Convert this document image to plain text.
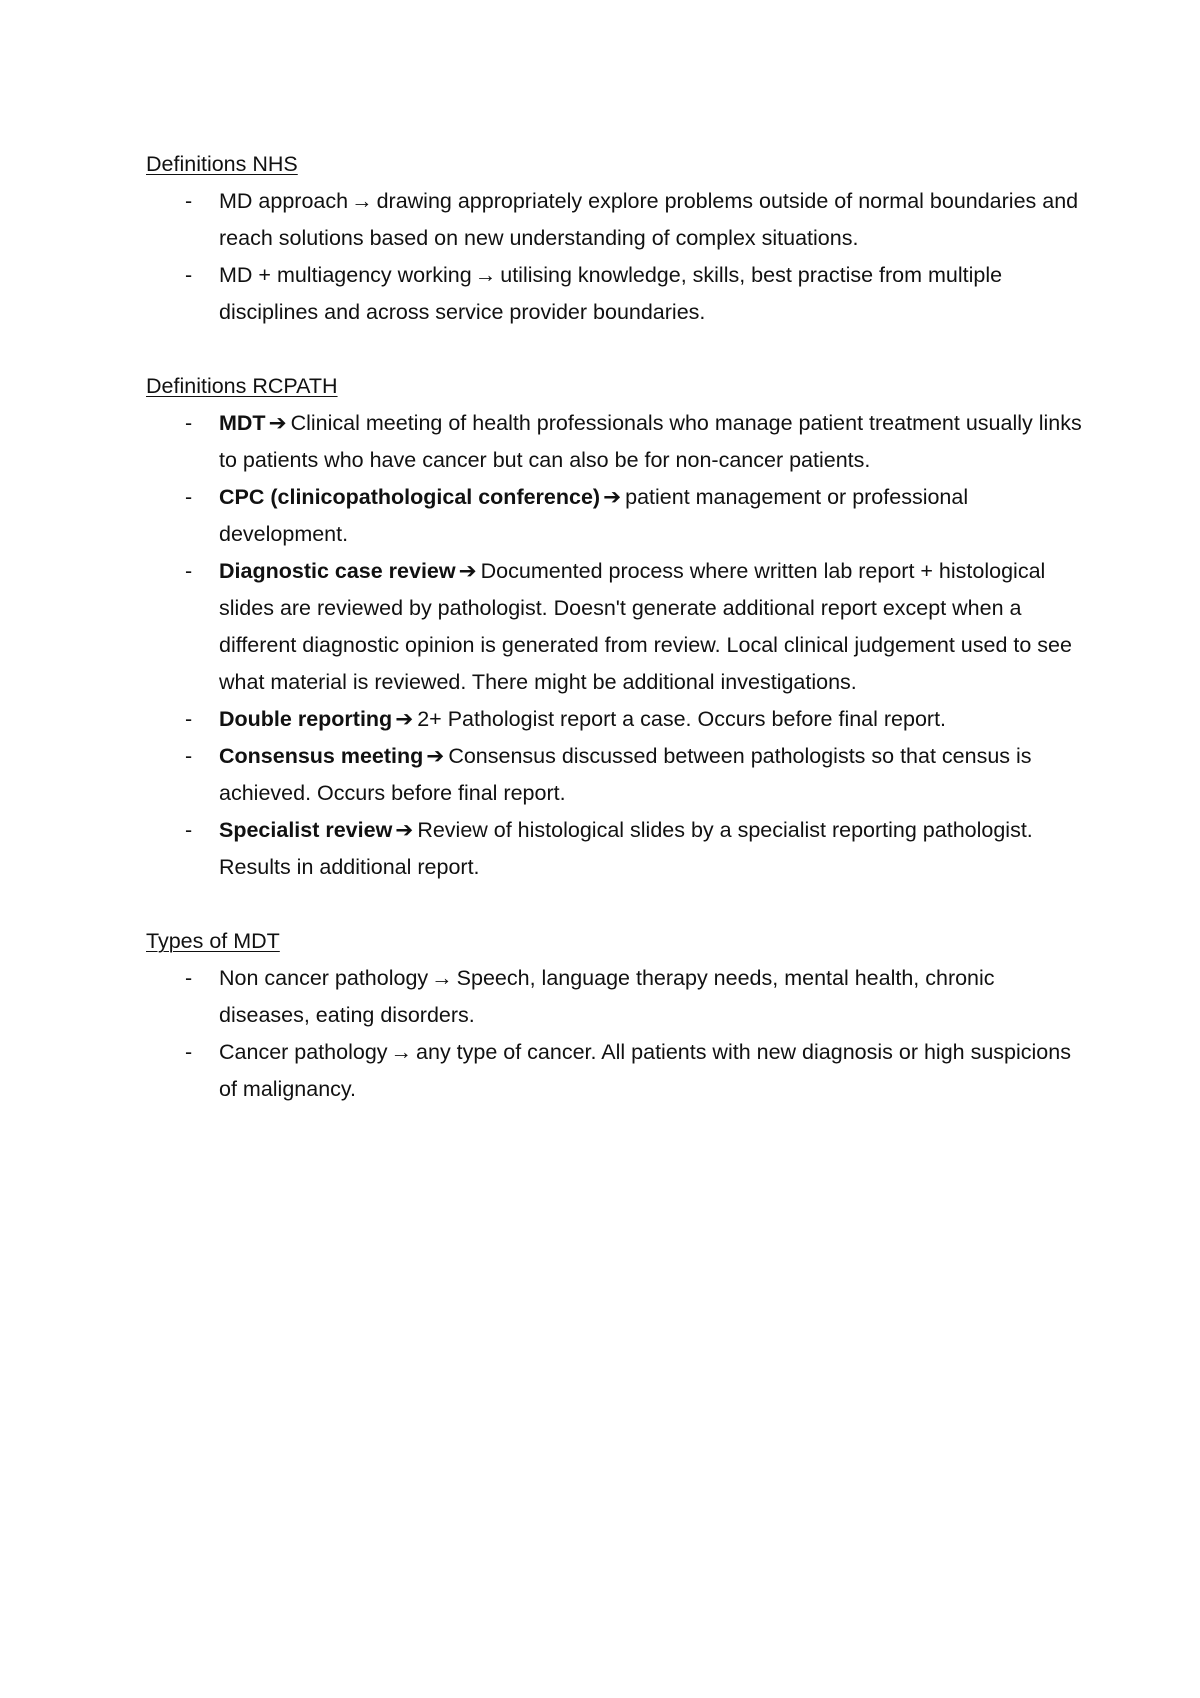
Definitions NHS

- MD approach → drawing appropriately explore problems outside of normal boundaries and reach solutions based on new understanding of complex situations.
- MD + multiagency working → utilising knowledge, skills, best practise from multiple disciplines and across service provider boundaries.

Definitions RCPATH

- MDT ➔ Clinical meeting of health professionals who manage patient treatment usually links to patients who have cancer but can also be for non-cancer patients.
- CPC (clinicopathological conference) ➔ patient management or professional development.
- Diagnostic case review ➔ Documented process where written lab report + histological slides are reviewed by pathologist. Doesn't generate additional report except when a different diagnostic opinion is generated from review. Local clinical judgement used to see what material is reviewed. There might be additional investigations.
- Double reporting ➔ 2+ Pathologist report a case. Occurs before final report.
- Consensus meeting ➔ Consensus discussed between pathologists so that census is achieved. Occurs before final report.
- Specialist review ➔ Review of histological slides by a specialist reporting pathologist. Results in additional report.

Types of MDT

- Non cancer pathology → Speech, language therapy needs, mental health, chronic diseases, eating disorders.
- Cancer pathology → any type of cancer. All patients with new diagnosis or high suspicions of malignancy.
